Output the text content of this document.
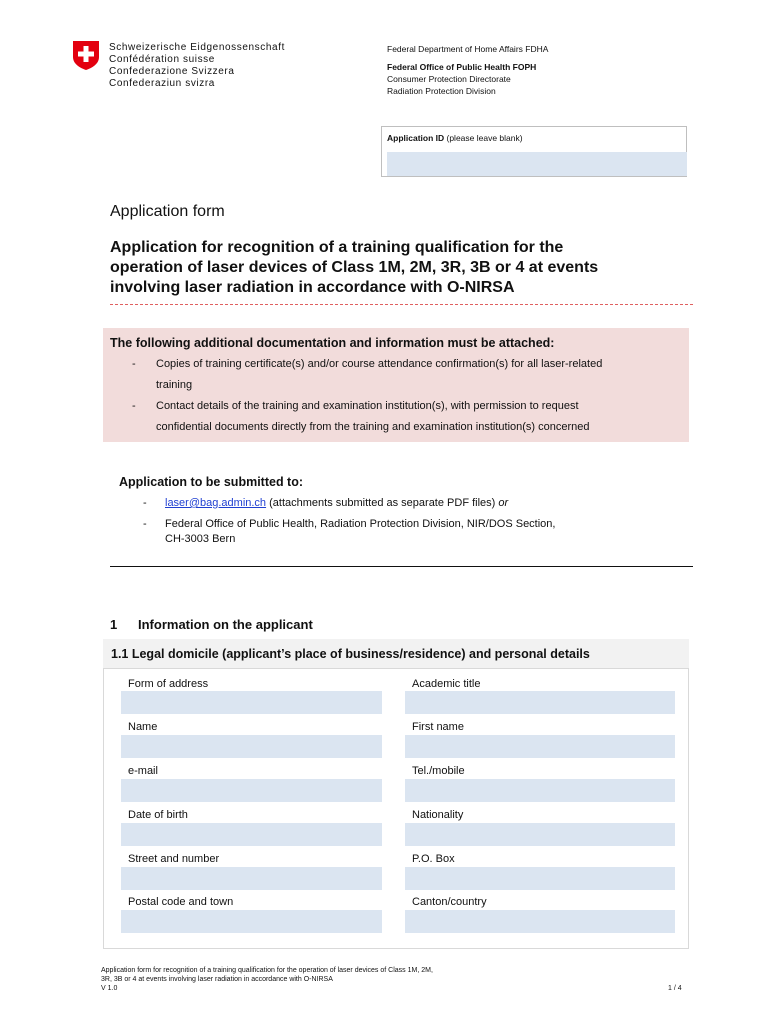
Schweizerische Eidgenossenschaft
Confédération suisse
Confederazione Svizzera
Confederaziun svizra
Federal Department of Home Affairs FDHA
Federal Office of Public Health FOPH
Consumer Protection Directorate
Radiation Protection Division
Application ID (please leave blank)
Application form
Application for recognition of a training qualification for the
operation of laser devices of Class 1M, 2M, 3R, 3B or 4 at events
involving laser radiation in accordance with O-NIRSA
The following additional documentation and information must be attached:
- Copies of training certificate(s) and/or course attendance confirmation(s) for all laser-related
training
- Contact details of the training and examination institution(s), with permission to request
confidential documents directly from the training and examination institution(s) concerned
Application to be submitted to:
- laser@bag.admin.ch (attachments submitted as separate PDF files) or
- Federal Office of Public Health, Radiation Protection Division, NIR/DOS Section,
CH-3003 Bern
1 Information on the applicant
1.1 Legal domicile (applicant’s place of business/residence) and personal details
Form of address
Name
e-mail
Date of birth
Street and number
Postal code and town
Academic title
First name
Tel./mobile
Nationality
P.O. Box
Canton/country
Application form for recognition of a training qualification for the operation of laser devices of Class 1M, 2M,
3R, 3B or 4 at events involving laser radiation in accordance with O-NIRSA
V 1.0	1 / 4
